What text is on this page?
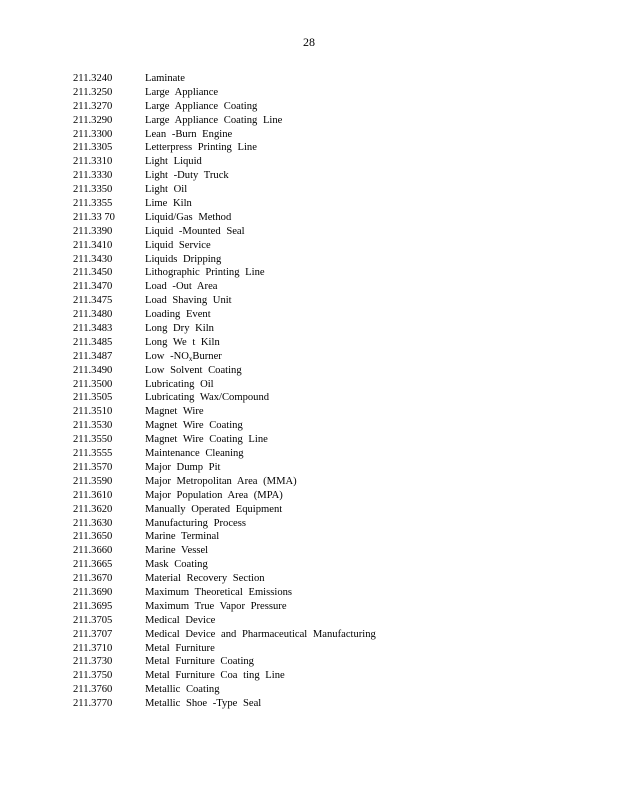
28
211.3240	Laminate
211.3250	Large Appliance
211.3270	Large Appliance Coating
211.3290	Large Appliance Coating Line
211.3300	Lean -Burn Engine
211.3305	Letterpress Printing Line
211.3310	Light Liquid
211.3330	Light -Duty Truck
211.3350	Light Oil
211.3355	Lime Kiln
211.33 70	Liquid/Gas Method
211.3390	Liquid -Mounted Seal
211.3410	Liquid Service
211.3430	Liquids Dripping
211.3450	Lithographic Printing Line
211.3470	Load -Out Area
211.3475	Load Shaving Unit
211.3480	Loading Event
211.3483	Long Dry Kiln
211.3485	Long We t Kiln
211.3487	Low $-NO_xBurner$
211.3490	Low Solvent Coating
211.3500	Lubricating Oil
211.3505	Lubricating Wax/Compound
211.3510	Magnet Wire
211.3530	Magnet Wire Coating
211.3550	Magnet Wire Coating Line
211.3555	Maintenance Cleaning
211.3570	Major Dump Pit
211.3590	Major Metropolitan Area (MMA)
211.3610	Major Population Area (MPA)
211.3620	Manually Operated Equipment
211.3630	Manufacturing Process
211.3650	Marine Terminal
211.3660	Marine Vessel
211.3665	Mask Coating
211.3670	Material Recovery Section
211.3690	Maximum Theoretical Emissions
211.3695	Maximum True Vapor Pressure
211.3705	Medical Device
211.3707	Medical Device and Pharmaceutical Manufacturing
211.3710	Metal Furniture
211.3730	Metal Furniture Coating
211.3750	Metal Furniture Coa ting Line
211.3760	Metallic Coating
211.3770	Metallic Shoe -Type Seal
